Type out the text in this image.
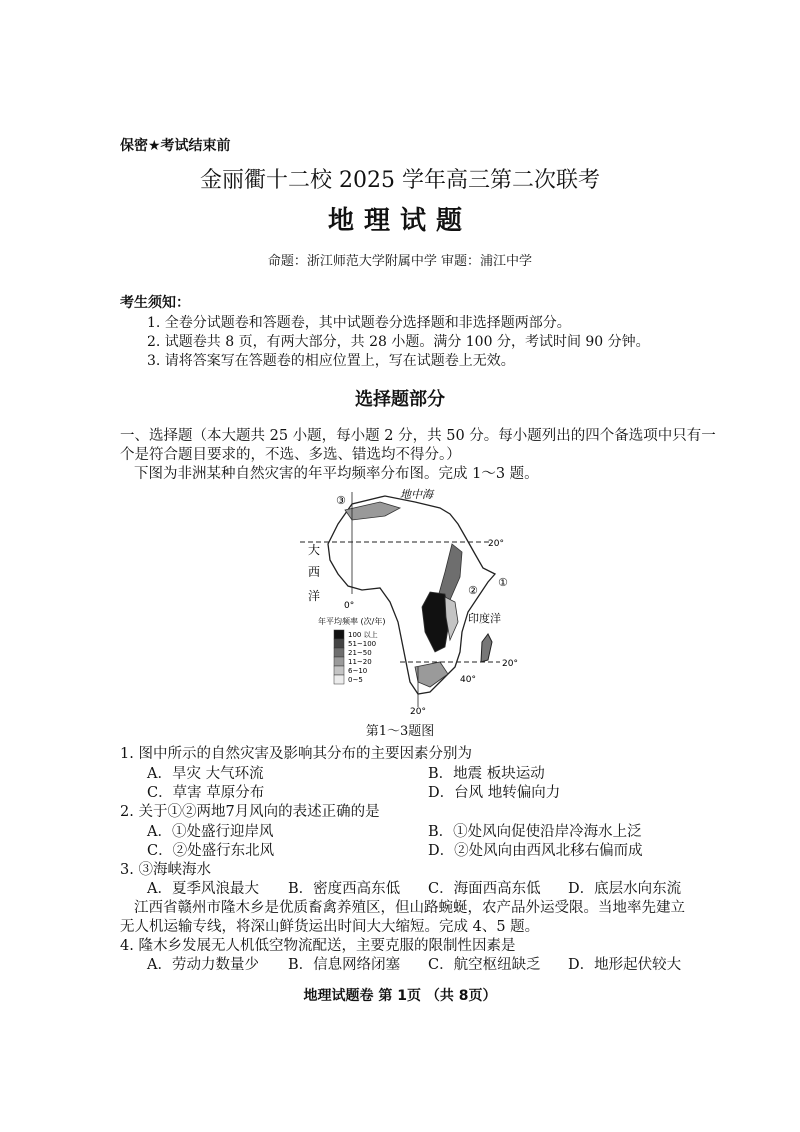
保密★考试结束前
金丽衢十二校 2025 学年高三第二次联考
地理试题
命题：浙江师范大学附属中学 审题：浦江中学
考生须知：
1. 全卷分试题卷和答题卷，其中试题卷分选择题和非选择题两部分。
2. 试题卷共 8 页，有两大部分，共 28 小题。满分 100 分，考试时间 90 分钟。
3. 请将答案写在答题卷的相应位置上，写在试题卷上无效。
选择题部分
一、选择题（本大题共 25 小题，每小题 2 分，共 50 分。每小题列出的四个备选项中只有一
个是符合题目要求的，不选、多选、错选均不得分。）
下图为非洲某种自然灾害的年平均频率分布图。完成 1～3 题。
地中海
大
西
洋
印度洋
20°
20°
0°
20°
40°
①
②
③
年平均频率 (次/年)
100 以上
51~100
21~50
11~20
6~10
0~5
第1～3题图
1. 图中所示的自然灾害及影响其分布的主要因素分别为
A．旱灾 大气环流	B．地震 板块运动
C．草害 草原分布	D．台风 地转偏向力
2. 关于①②两地7月风向的表述正确的是
A．①处盛行迎岸风	B．①处风向促使沿岸冷海水上泛
C．②处盛行东北风	D．②处风向由西风北移右偏而成
3. ③海峡海水
A．夏季风浪最大 B．密度西高东低 C．海面西高东低 D．底层水向东流
江西省赣州市隆木乡是优质畜禽养殖区，但山路蜿蜒，农产品外运受限。当地率先建立
无人机运输专线，将深山鲜货运出时间大大缩短。完成 4、5 题。
4. 隆木乡发展无人机低空物流配送，主要克服的限制性因素是
A．劳动力数量少 B．信息网络闭塞 C．航空枢纽缺乏 D．地形起伏较大
地理试题卷 第 1页 （共 8页）
